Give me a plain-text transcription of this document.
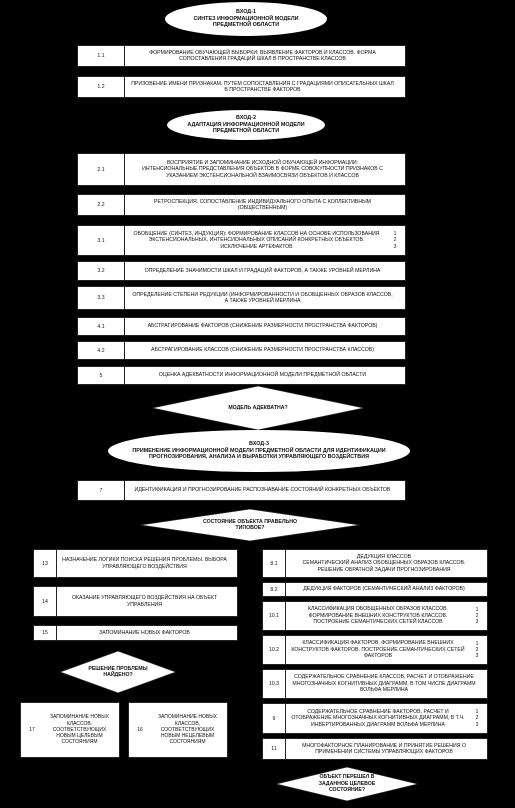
ВХОД-1
СИНТЕЗ ИНФОРМАЦИОННОЙ МОДЕЛИ ПРЕДМЕТНОЙ ОБЛАСТИ
1.1
ФОРМИРОВАНИЕ ОБУЧАЮЩЕЙ ВЫБОРКИ: ВЫЯВЛЕНИЕ ФАКТОРОВ И КЛАССОВ. ФОРМА СОПОСТАВЛЕНИЯ ГРАДАЦИЙ ШКАЛ В ПРОСТРАНСТВЕ КЛАССОВ
1.2
ПРИЗОВЕНИЕ ИМЕНИ ПРИЗНАКАМ. ПУТЕМ СОПОСТАВЛЕНИЯ С ГРАДАЦИЯМИ ОПИСАТЕЛЬНЫХ ШКАЛ В ПРОСТРАНСТВЕ ФАКТОРОВ
ВХОД-2
АДАПТАЦИЯ ИНФОРМАЦИОННОЙ МОДЕЛИ ПРЕДМЕТНОЙ ОБЛАСТИ
2.1
ВОСПРИЯТИЕ И ЗАПОМИНАНИЕ ИСХОДНОЙ ОБУЧАЮЩЕЙ ИНФОРМАЦИИ:
ИНТЕНСИОНАЛЬНЫЕ ПРЕДСТАВЛЕНИЯ ОБЪЕКТОВ В ФОРМЕ СОВОКУПНОСТИ ПРИЗНАКОВ С УКАЗАНИЕМ ЭКСТЕНСИОНАЛЬНОЙ ВЗАИМОСВЯЗИ ОБЪЕКТОВ И КЛАССОВ
2.2
РЕТРОСПЕКЦИЯ. СОПОСТАВЛЕНИЕ ИНДИВИДУАЛЬНОГО ОПЫТА С КОЛЛЕКТИВНЫМ (ОБЩЕСТВЕННЫМ)
3.1
ОБОБЩЕНИЕ (СИНТЕЗ, ИНДУКЦИЯ): ФОРМИРОВАНИЕ КЛАССОВ НА ОСНОВЕ ИСПОЛЬЗОВАНИЯ ЭКСТЕНСИОНАЛЬНЫХ, ИНТЕНСИОНАЛЬНЫХ ОПИСАНИЙ КОНКРЕТНЫХ ОБЪЕКТОВ. ИСКЛЮЧЕНИЕ АРТЕФАКТОВ
1
2
3
3.2	ОПРЕДЕЛЕНИЕ ЗНАЧИМОСТИ ШКАЛ И ГРАДАЦИЙ ФАКТОРОВ, А ТАКЖЕ УРОВНЕЙ МЕРЛИНА
3.3
ОПРЕДЕЛЕНИЕ СТЕПЕНИ РЕДУКЦИИ (ИНФОРМИРОВАННОСТИ И ОБОБЩЕННЫХ ОБРАЗОВ КЛАССОВ, А ТАКЖЕ УРОВНЕЙ МЕРЛИНА
4.1	АБСТРАГИРОВАНИЕ ФАКТОРОВ (СНИЖЕНИЕ РАЗМЕРНОСТИ ПРОСТРАНСТВА ФАКТОРОВ)
4.2	АБСТРАГИРОВАНИЕ КЛАССОВ (СНИЖЕНИЕ РАЗМЕРНОСТИ ПРОСТРАНСТВА КЛАССОВ)
5	ОЦЕНКА АДЕКВАТНОСТИ ИНФОРМАЦИОННОЙ МОДЕЛИ ПРЕДМЕТНОЙ ОБЛАСТИ
МОДЕЛЬ АДЕКВАТНА?
ВХОД-3
ПРИМЕНЕНИЕ ИНФОРМАЦИОННОЙ МОДЕЛИ ПРЕДМЕТНОЙ ОБЛАСТИ ДЛЯ ИДЕНТИФИКАЦИИ ПРОГНОЗИРОВАНИЯ, АНАЛИЗА И ВЫРАБОТКИ УПРАВЛЯЮЩЕГО ВОЗДЕЙСТВИЯ
7	ИДЕНТИФИКАЦИЯ И ПРОГНОЗИРОВАНИЕ РАСПОЗНАВАНИЕ СОСТОЯНИЙ КОНКРЕТНЫХ ОБЪЕКТОВ
СОСТОЯНИЕ ОБЪЕКТА ПРАВЕЛЬНО ТИПОВОЕ?
13
НАЗНАЧЕНИЕ ЛОГИКИ ПОИСКА РЕШЕНИЯ ПРОБЛЕМЫ. ВЫБОРА УПРАВЛЯЮЩЕГО ВОЗДЕЙСТВИЯ
14
ОКАЗАНИЕ УПРАВЛЯЮЩЕГО ВОЗДЕЙСТВИЯ НА ОБЪЕКТ УПРАВЛЕНИЯ
15	ЗАПОМИНАНИЕ НОВЫХ ФАКТОРОВ
РЕШЕНИЕ ПРОБЛЕМЫ НАЙДЕНО?
17
ЗАПОМИНАНИЕ НОВЫХ КЛАССОВ, СООТВЕТСТВУЮЩИХ НОВЫМ ЦЕЛЕВЫМ СОСТОЯНИЯМ
16
ЗАПОМИНАНИЕ НОВЫХ КЛАССОВ, СООТВЕТСТВУЮЩИХ НОВЫМ НЕЦЕЛЕВЫМ СОСТОЯНИЯМ
8.1
ДЕДУКЦИЯ КЛАССОВ
СЕМАНТИЧЕСКИЙ АНАЛИЗ ОБОБЩЕННЫХ ОБРАЗОВ КЛАССОВ. РЕШЕНИЕ ОБРАТНОЙ ЗАДАЧИ ПРОГНОЗИРОВАНИЯ
8.2	ДЕДУКЦИЯ ФАКТОРОВ (СЕМАНТИЧЕСКИЙ АНАЛИЗ ФАКТОРОВ)
10.1
КЛАССИФИКАЦИЯ ОБОБЩЕННЫХ ОБРАЗОВ КЛАССОВ. ФОРМИРОВАНИЕ ВНЕШНИХ КОНСТРУКТОВ КЛАССОВ. ПОСТРОЕНИЕ СЕМАНТИЧЕСКИХ СЕТЕЙ КЛАССОВ
1
2
3
10.2
КЛАССИФИКАЦИЯ ФАКТОРОВ. ФОРМИРОВАНИЕ ВНЕШНИХ КОНСТРУКТОВ ФАКТОРОВ. ПОСТРОЕНИЕ СЕМАНТИЧЕСКИХ СЕТЕЙ ФАКТОРОВ
1
2
3
10.3
СОДЕРЖАТЕЛЬНОЕ СРАВНЕНИЕ КЛАССОВ, РАСЧЕТ И ОТОБРАЖЕНИЕ МНОГОЗНАЧНЫХ КОГНИТИВНЫХ ДИАГРАММ, В ТОМ ЧИСЛЕ ДИАГРАММ ВОЛЬФА МЕРЛИНА
9
СОДЕРЖАТЕЛЬНОЕ СРАВНЕНИЕ ФАКТОРОВ, РАСЧЕТ И ОТОБРАЖЕНИЕ МНОГОЗНАЧНЫХ КОГНИТИВНЫХ ДИАГРАММ, В Т.Ч. ИНВЕРТИРОВАННЫХ ДИАГРАММ ВОЛЬФА МЕРЛИНА
1
2
3
11
МНОГОФАКТОРНОЕ ПЛАНИРОВАНИЕ И ПРИНЯТИЕ РЕШЕНИЯ О ПРИМЕНЕНИИ СИСТЕМЫ УПРАВЛЯЮЩИХ ФАКТОРОВ
ОБЪЕКТ ПЕРЕШЕЛ В ЗАДАННОЕ ЦЕЛЕВОЕ СОСТОЯНИЕ?
